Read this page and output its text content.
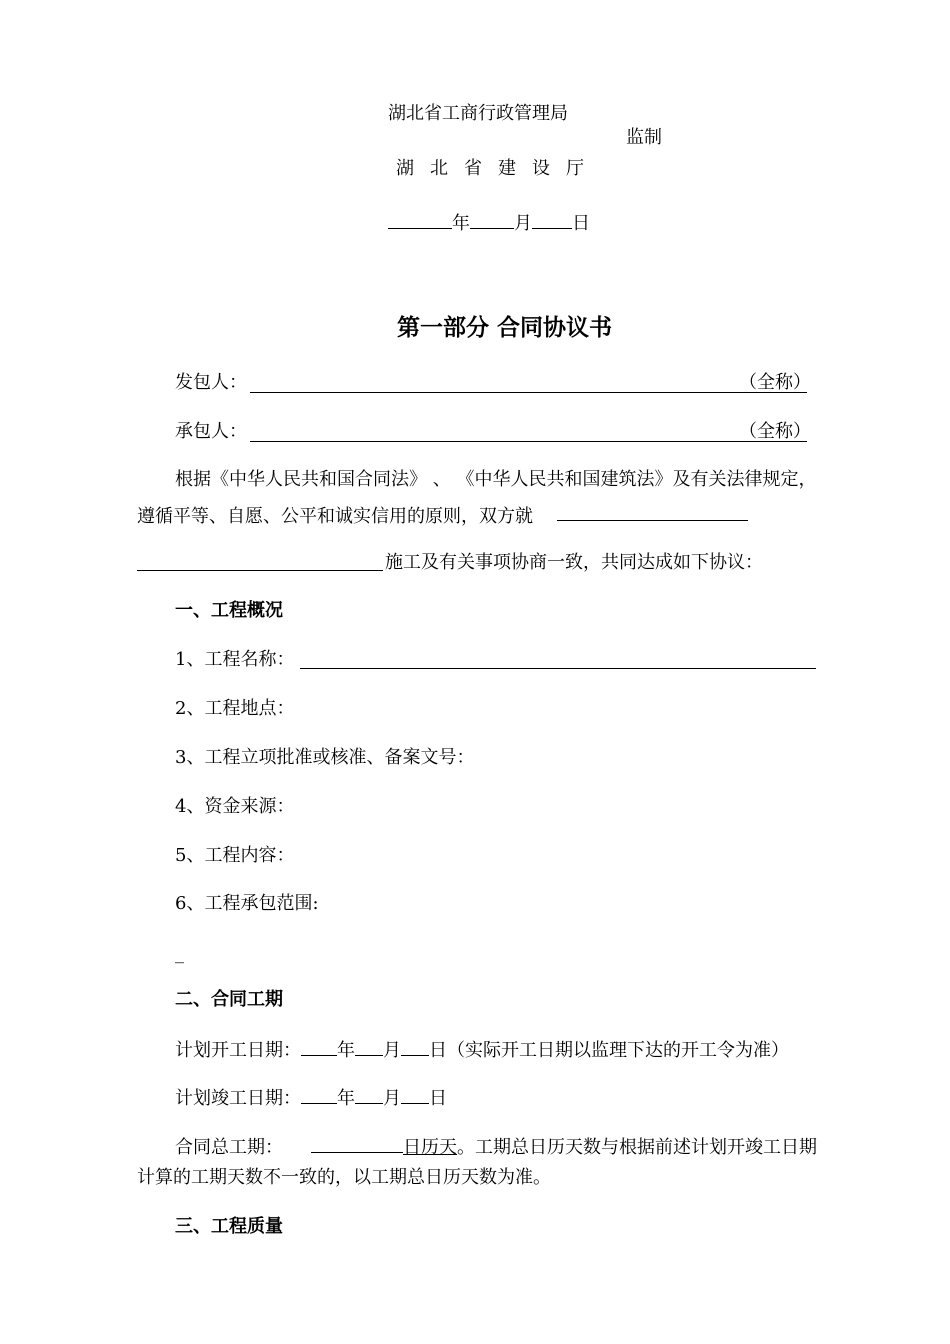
湖北省工商行政管理局
监制
湖北省建设厅
年 月 日
第一部分 合同协议书
发包人：	（全称）
承包人：	（全称）
根据《中华人民共和国合同法》 、 《中华人民共和国建筑法》及有关法律规定，
遵循平等、自愿、公平和诚实信用的原则，双方就
施工及有关事项协商一致，共同达成如下协议：
一、工程概况
1、工程名称：
2、工程地点：
3、工程立项批准或核准、备案文号：
4、资金来源：
5、工程内容：
6、工程承包范围:
_
二、合同工期
计划开工日期： 年 月 日（实际开工日期以监理下达的开工令为准）
计划竣工日期： 年 月 日
合同总工期：	日历天。工期总日历天数与根据前述计划开竣工日期
计算的工期天数不一致的，以工期总日历天数为准。
三、工程质量
